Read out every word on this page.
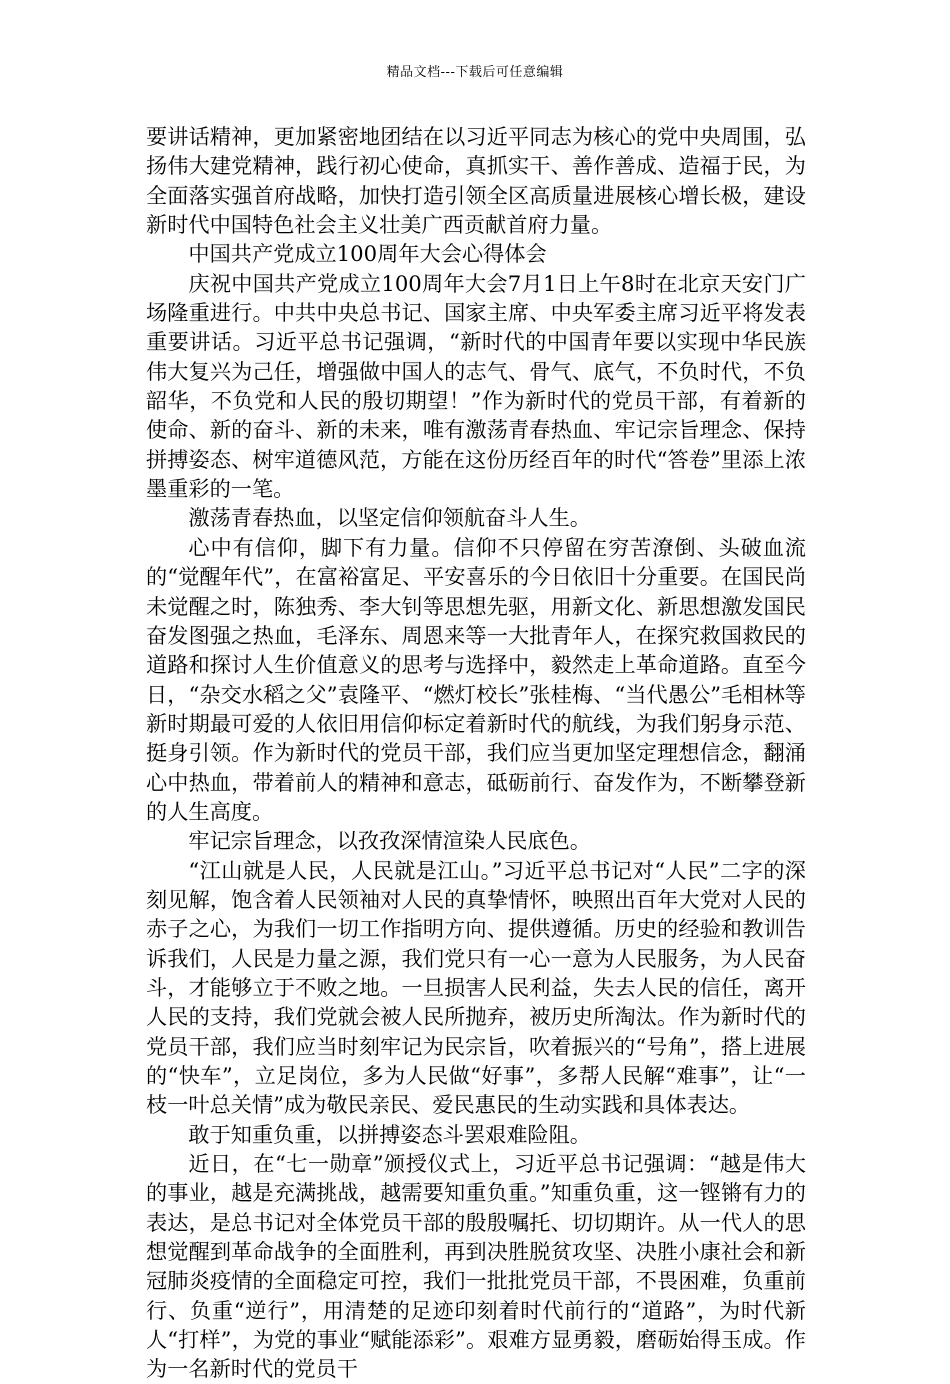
精品文档---下载后可任意编辑

要讲话精神，更加紧密地团结在以习近平同志为核心的党中央周围，弘扬伟大建党精神，践行初心使命，真抓实干、善作善成、造福于民，为全面落实强首府战略，加快打造引领全区高质量进展核心增长极，建设新时代中国特色社会主义壮美广西贡献首府力量。

中国共产党成立100周年大会心得体会

庆祝中国共产党成立100周年大会7月1日上午8时在北京天安门广场隆重进行。中共中央总书记、国家主席、中央军委主席习近平将发表重要讲话。习近平总书记强调，“新时代的中国青年要以实现中华民族伟大复兴为己任，增强做中国人的志气、骨气、底气，不负时代，不负韶华，不负党和人民的殷切期望！”作为新时代的党员干部，有着新的使命、新的奋斗、新的未来，唯有激荡青春热血、牢记宗旨理念、保持拼搏姿态、树牢道德风范，方能在这份历经百年的时代“答卷”里添上浓墨重彩的一笔。

激荡青春热血，以坚定信仰领航奋斗人生。

心中有信仰，脚下有力量。信仰不只停留在穷苦潦倒、头破血流的“觉醒年代”，在富裕富足、平安喜乐的今日依旧十分重要。在国民尚未觉醒之时，陈独秀、李大钊等思想先驱，用新文化、新思想激发国民奋发图强之热血，毛泽东、周恩来等一大批青年人，在探究救国救民的道路和探讨人生价值意义的思考与选择中，毅然走上革命道路。直至今日，“杂交水稻之父”袁隆平、“燃灯校长”张桂梅、“当代愚公”毛相林等新时期最可爱的人依旧用信仰标定着新时代的航线，为我们躬身示范、挺身引领。作为新时代的党员干部，我们应当更加坚定理想信念，翻涌心中热血，带着前人的精神和意志，砥砺前行、奋发作为，不断攀登新的人生高度。

牢记宗旨理念，以孜孜深情渲染人民底色。

“江山就是人民，人民就是江山。”习近平总书记对“人民”二字的深刻见解，饱含着人民领袖对人民的真挚情怀，映照出百年大党对人民的赤子之心，为我们一切工作指明方向、提供遵循。历史的经验和教训告诉我们，人民是力量之源，我们党只有一心一意为人民服务，为人民奋斗，才能够立于不败之地。一旦损害人民利益，失去人民的信任，离开人民的支持，我们党就会被人民所抛弃，被历史所淘汰。作为新时代的党员干部，我们应当时刻牢记为民宗旨，吹着振兴的“号角”，搭上进展的“快车”，立足岗位，多为人民做“好事”，多帮人民解“难事”，让“一枝一叶总关情”成为敬民亲民、爱民惠民的生动实践和具体表达。

敢于知重负重，以拼搏姿态斗罢艰难险阻。

近日，在“七一勋章”颁授仪式上，习近平总书记强调：“越是伟大的事业，越是充满挑战，越需要知重负重。”知重负重，这一铿锵有力的表达，是总书记对全体党员干部的殷殷嘱托、切切期许。从一代人的思想觉醒到革命战争的全面胜利，再到决胜脱贫攻坚、决胜小康社会和新冠肺炎疫情的全面稳定可控，我们一批批党员干部，不畏困难，负重前行、负重“逆行”，用清楚的足迹印刻着时代前行的“道路”，为时代新人“打样”，为党的事业“赋能添彩”。艰难方显勇毅，磨砺始得玉成。作为一名新时代的党员干
